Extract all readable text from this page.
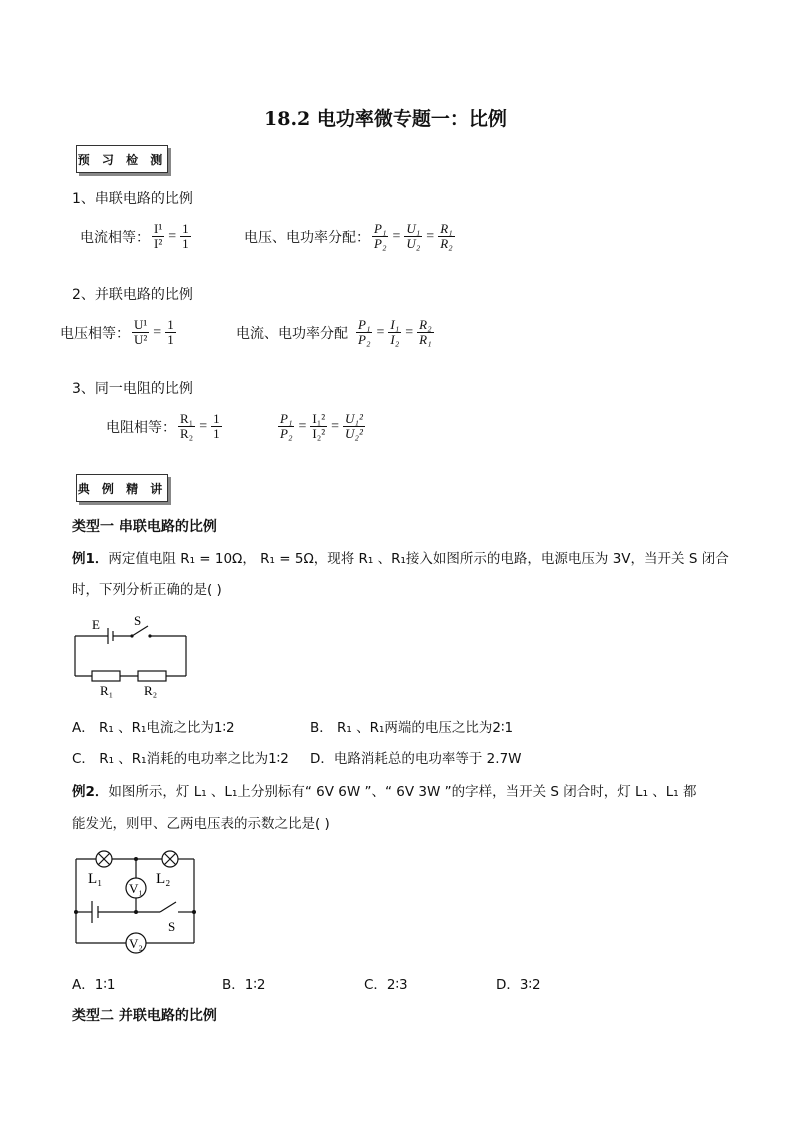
18.2 电功率微专题一：比例
预 习 检 测
1、串联电路的比例
电流相等： $\frac{\text{I¹}}{\text{I²}} = \frac{1}{1}$	电压、电功率分配： $\frac{\text{P₁}}{\text{P₂}} = \frac{\text{U₁}}{\text{U₂}} = \frac{\text{R₁}}{\text{R₂}}$
2、并联电路的比例
电压相等： $\frac{\text{U¹}}{\text{U²}} = \frac{1}{1}$	电流、电功率分配 $\frac{\text{P₁}}{\text{P₂}} = \frac{\text{I₁}}{\text{I₂}} = \frac{\text{R₂}}{\text{R₁}}$
3、同一电阻的比例
电阻相等： $\frac{\text{R₁}}{\text{R₂}} = \frac{1}{1}$	$\frac{\text{P₁}}{\text{P₂}} = \frac{\text{I₁²}}{\text{I₂²}} = \frac{\text{U₁²}}{\text{U₂²}}$
典 例 精 讲
类型一 串联电路的比例
例1．两定值电阻 R₁ = 10Ω， R₁ = 5Ω，现将 R₁ 、R₁接入如图所示的电路，电源电压为 3V，当开关 S 闭合
时，下列分析正确的是( )
E	S
R₁ R₂
A． R₁ 、R₁电流之比为1∶2	B． R₁ 、R₁两端的电压之比为2∶1
C． R₁ 、R₁消耗的电功率之比为1∶2 D．电路消耗总的电功率等于 2.7W
例2．如图所示，灯 L₁ 、L₁上分别标有“ 6V 6W ”、“ 6V 3W ”的字样，当开关 S 闭合时，灯 L₁ 、L₁ 都
能发光，则甲、乙两电压表的示数之比是( )
L₁	L₂
V₁
V₂
S
A．1∶1	B．1∶2	C．2∶3	D．3∶2
类型二 并联电路的比例
